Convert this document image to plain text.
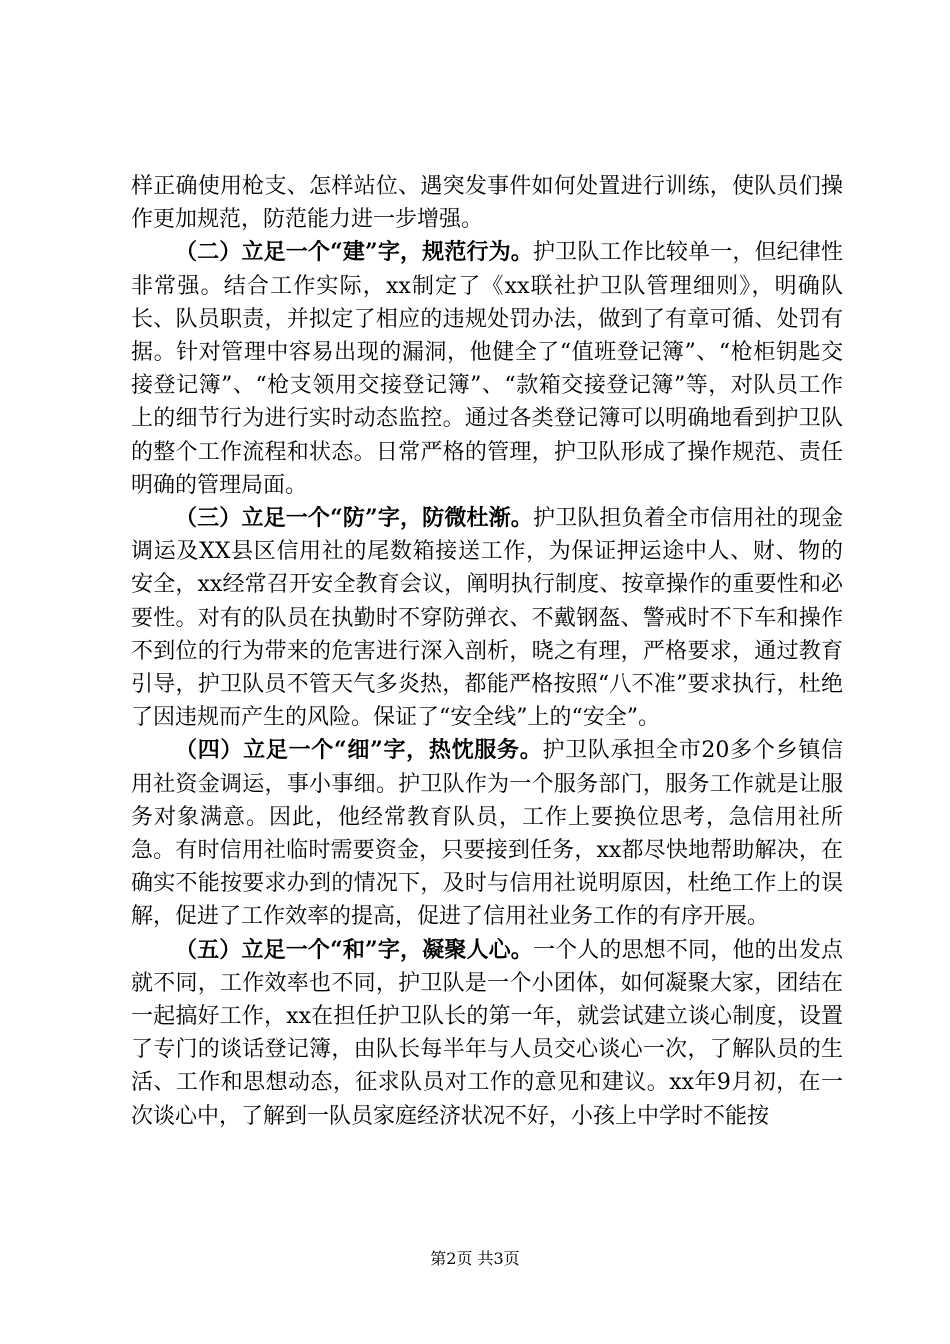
样正确使用枪支、怎样站位、遇突发事件如何处置进行训练，使队员们操作更加规范，防范能力进一步增强。

（二）立足一个“建”字，规范行为。护卫队工作比较单一，但纪律性非常强。结合工作实际，xx制定了《xx联社护卫队管理细则》，明确队长、队员职责，并拟定了相应的违规处罚办法，做到了有章可循、处罚有据。针对管理中容易出现的漏洞，他健全了“值班登记簿”、“枪柜钥匙交接登记簿”、“枪支领用交接登记簿”、“款箱交接登记簿”等，对队员工作上的细节行为进行实时动态监控。通过各类登记簿可以明确地看到护卫队的整个工作流程和状态。日常严格的管理，护卫队形成了操作规范、责任明确的管理局面。

（三）立足一个“防”字，防微杜渐。护卫队担负着全市信用社的现金调运及XX县区信用社的尾数箱接送工作，为保证押运途中人、财、物的安全，xx经常召开安全教育会议，阐明执行制度、按章操作的重要性和必要性。对有的队员在执勤时不穿防弹衣、不戴钢盔、警戒时不下车和操作不到位的行为带来的危害进行深入剖析，晓之有理，严格要求，通过教育引导，护卫队员不管天气多炎热，都能严格按照“八不准”要求执行，杜绝了因违规而产生的风险。保证了“安全线”上的“安全”。

（四）立足一个“细”字，热忱服务。护卫队承担全市20多个乡镇信用社资金调运，事小事细。护卫队作为一个服务部门，服务工作就是让服务对象满意。因此，他经常教育队员，工作上要换位思考，急信用社所急。有时信用社临时需要资金，只要接到任务，xx都尽快地帮助解决，在确实不能按要求办到的情况下，及时与信用社说明原因，杜绝工作上的误解，促进了工作效率的提高，促进了信用社业务工作的有序开展。

（五）立足一个“和”字，凝聚人心。一个人的思想不同，他的出发点就不同，工作效率也不同，护卫队是一个小团体，如何凝聚大家，团结在一起搞好工作，xx在担任护卫队长的第一年，就尝试建立谈心制度，设置了专门的谈话登记簿，由队长每半年与人员交心谈心一次，了解队员的生活、工作和思想动态，征求队员对工作的意见和建议。xx年9月初，在一次谈心中，了解到一队员家庭经济状况不好，小孩上中学时不能按

第2页 共3页
